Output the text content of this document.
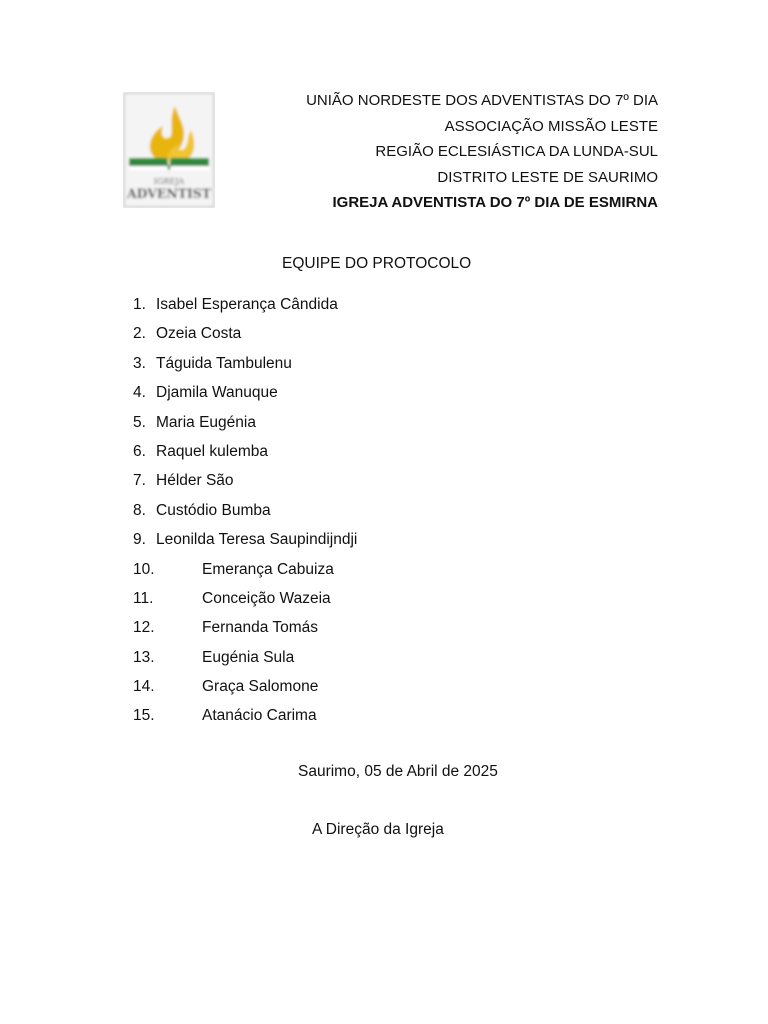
IGREJA
ADVENTIST
UNIÃO NORDESTE DOS ADVENTISTAS DO 7º DIA
ASSOCIAÇÃO MISSÃO LESTE
REGIÃO ECLESIÁSTICA DA LUNDA-SUL
DISTRITO LESTE DE SAURIMO
IGREJA ADVENTISTA DO 7º DIA DE ESMIRNA
EQUIPE DO PROTOCOLO
1. Isabel Esperança Cândida
2. Ozeia Costa
3. Táguida Tambulenu
4. Djamila Wanuque
5. Maria Eugénia
6. Raquel kulemba
7. Hélder São
8. Custódio Bumba
9. Leonilda Teresa Saupindijndji
10.	Emerança Cabuiza
11.	Conceição Wazeia
12.	Fernanda Tomás
13.	Eugénia Sula
14.	Graça Salomone
15.	Atanácio Carima
Saurimo, 05 de Abril de 2025
A Direção da Igreja
